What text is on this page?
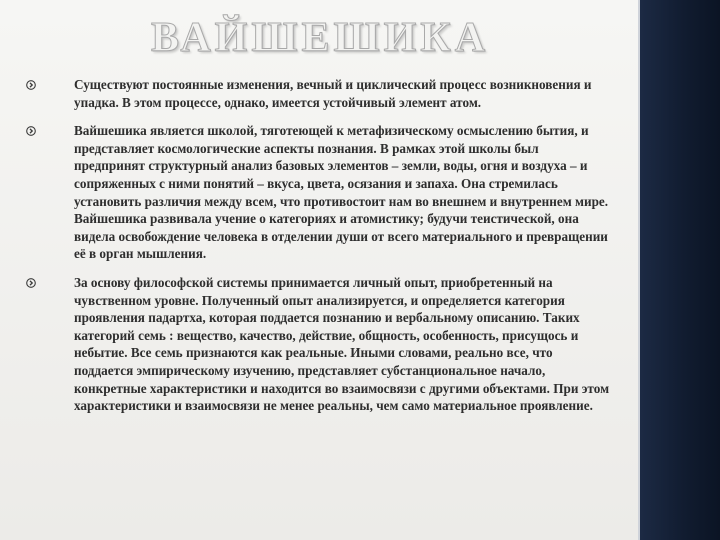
ВАЙШЕШИКА
Существуют постоянные изменения, вечный и циклический процесс возникновения и упадка. В этом процессе, однако, имеется устойчивый элемент атом.
Вайшешика является школой, тяготеющей к метафизическому осмыслению бытия, и представляет космологические аспекты познания. В рамках этой школы был предпринят структурный анализ базовых элементов – земли, воды, огня и воздуха – и сопряженных с ними понятий – вкуса, цвета, осязания и запаха. Она стремилась установить различия между всем, что противостоит нам во внешнем и внутреннем мире. Вайшешика развивала учение о категориях и атомистику; будучи теистической, она видела освобождение человека в отделении души от всего материального и превращении её в орган мышления.
За основу философской системы принимается личный опыт, приобретенный на чувственном уровне. Полученный опыт анализируется, и определяется категория проявления падартха, которая поддается познанию и вербальному описанию. Таких категорий семь : вещество, качество, действие, общность, особенность, присущось и небытие. Все семь признаются как реальные. Иными словами, реально все, что поддается эмпирическому изучению, представляет субстанциональное начало, конкретные характеристики и находится во взаимосвязи с другими объектами. При этом характеристики и взаимосвязи не менее реальны, чем само материальное проявление.
